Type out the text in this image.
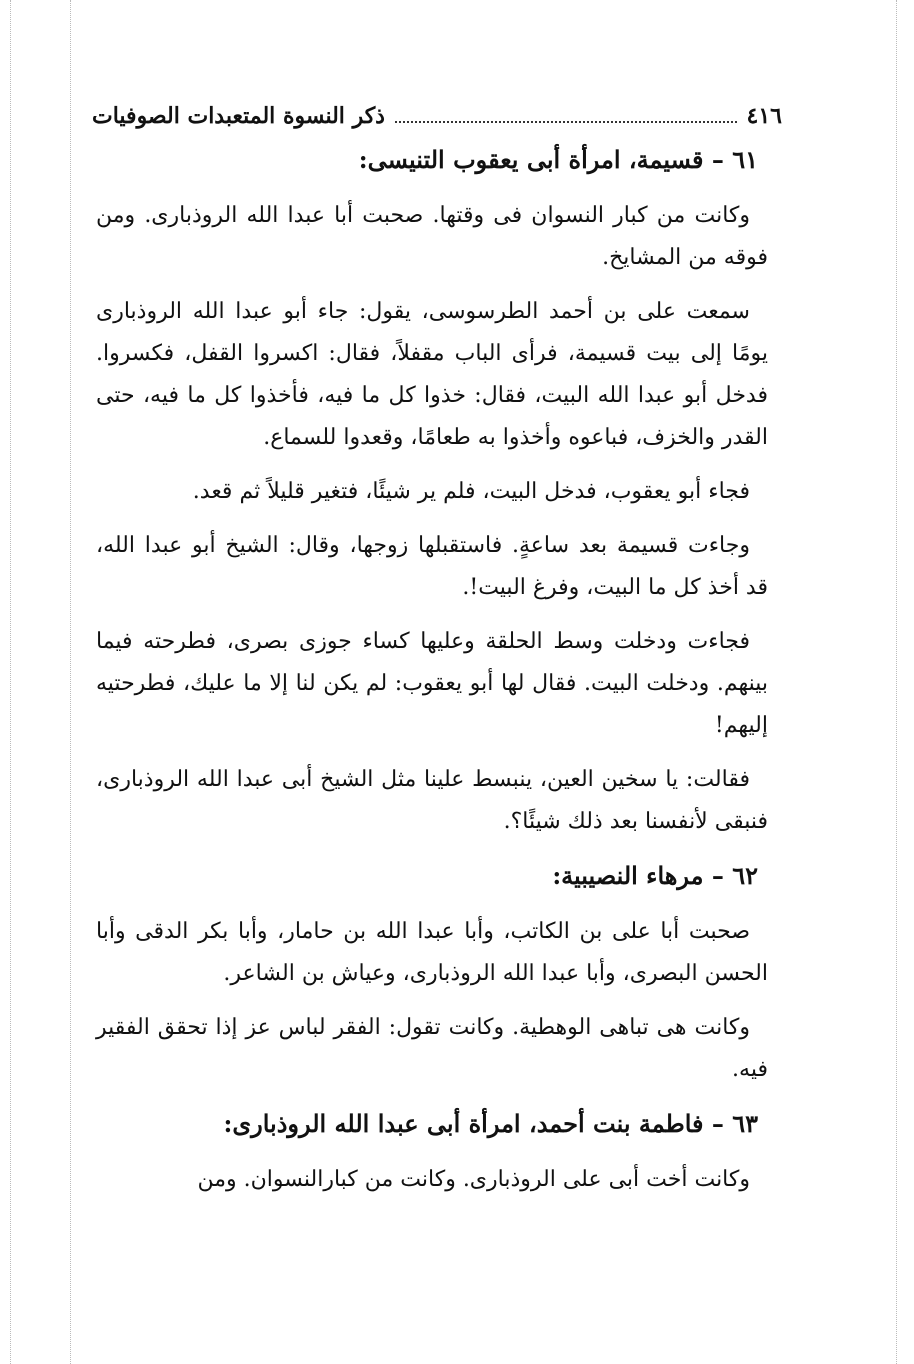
٤١٦
ذكر النسوة المتعبدات الصوفيات

٦١ – قسيمة، امرأة أبى يعقوب التنيسى:

وكانت من كبار النسوان فى وقتها. صحبت أبا عبدا الله الروذبارى. ومن فوقه من المشايخ.

سمعت على بن أحمد الطرسوسى، يقول: جاء أبو عبدا الله الروذبارى يومًا إلى بيت قسيمة، فرأى الباب مقفلاً، فقال: اكسروا القفل، فكسروا. فدخل أبو عبدا الله البيت، فقال: خذوا كل ما فيه، فأخذوا كل ما فيه، حتى القدر والخزف، فباعوه وأخذوا به طعامًا، وقعدوا للسماع.

فجاء أبو يعقوب، فدخل البيت، فلم ير شيئًا، فتغير قليلاً ثم قعد.

وجاءت قسيمة بعد ساعةٍ. فاستقبلها زوجها، وقال: الشيخ أبو عبدا الله، قد أخذ كل ما البيت، وفرغ البيت!.

فجاءت ودخلت وسط الحلقة وعليها كساء جوزى بصرى، فطرحته فيما بينهم. ودخلت البيت. فقال لها أبو يعقوب: لم يكن لنا إلا ما عليك، فطرحتيه إليهم!

فقالت: يا سخين العين، ينبسط علينا مثل الشيخ أبى عبدا الله الروذبارى، فنبقى لأنفسنا بعد ذلك شيئًا؟.

٦٢ – مرهاء النصيبية:

صحبت أبا على بن الكاتب، وأبا عبدا الله بن حامار، وأبا بكر الدقى وأبا الحسن البصرى، وأبا عبدا الله الروذبارى، وعياش بن الشاعر.

وكانت هى تباهى الوهطية. وكانت تقول: الفقر لباس عز إذا تحقق الفقير فيه.

٦٣ – فاطمة بنت أحمد، امرأة أبى عبدا الله الروذبارى:

وكانت أخت أبى على الروذبارى. وكانت من كبارالنسوان. ومن
